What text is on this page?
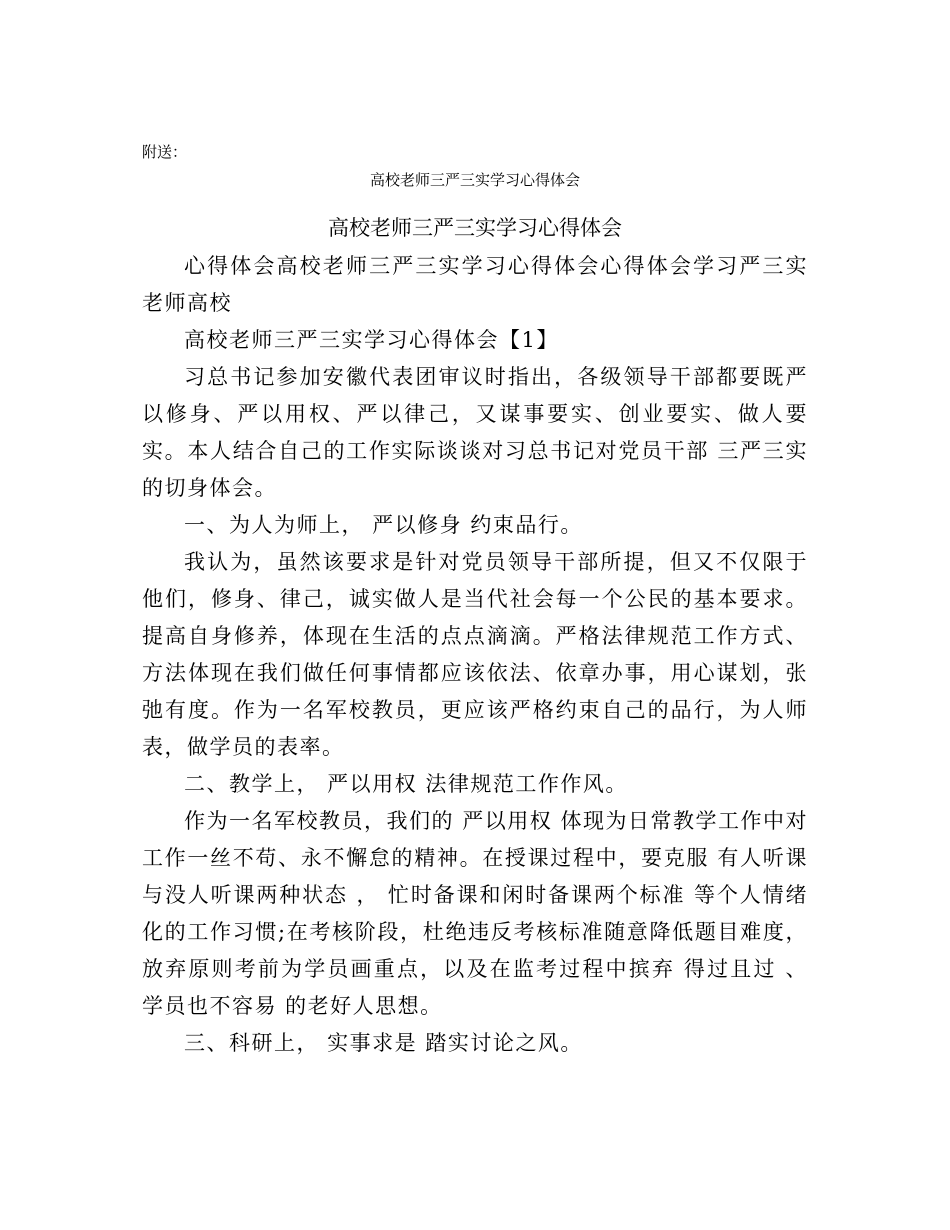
附送：
高校老师三严三实学习心得体会
高校老师三严三实学习心得体会

心得体会高校老师三严三实学习心得体会心得体会学习严三实老师高校

高校老师三严三实学习心得体会【1】

习总书记参加安徽代表团审议时指出，各级领导干部都要既严以修身、严以用权、严以律己，又谋事要实、创业要实、做人要实。本人结合自己的工作实际谈谈对习总书记对党员干部 三严三实 的切身体会。

一、为人为师上， 严以修身 约束品行。

我认为，虽然该要求是针对党员领导干部所提，但又不仅限于他们，修身、律己，诚实做人是当代社会每一个公民的基本要求。提高自身修养，体现在生活的点点滴滴。严格法律规范工作方式、方法体现在我们做任何事情都应该依法、依章办事，用心谋划，张弛有度。作为一名军校教员，更应该严格约束自己的品行，为人师表，做学员的表率。

二、教学上， 严以用权 法律规范工作作风。

作为一名军校教员，我们的 严以用权 体现为日常教学工作中对工作一丝不苟、永不懈怠的精神。在授课过程中，要克服 有人听课与没人听课两种状态 ， 忙时备课和闲时备课两个标准 等个人情绪化的工作习惯;在考核阶段，杜绝违反考核标准随意降低题目难度，放弃原则考前为学员画重点，以及在监考过程中摈弃 得过且过 、 学员也不容易 的老好人思想。

三、科研上， 实事求是 踏实讨论之风。
